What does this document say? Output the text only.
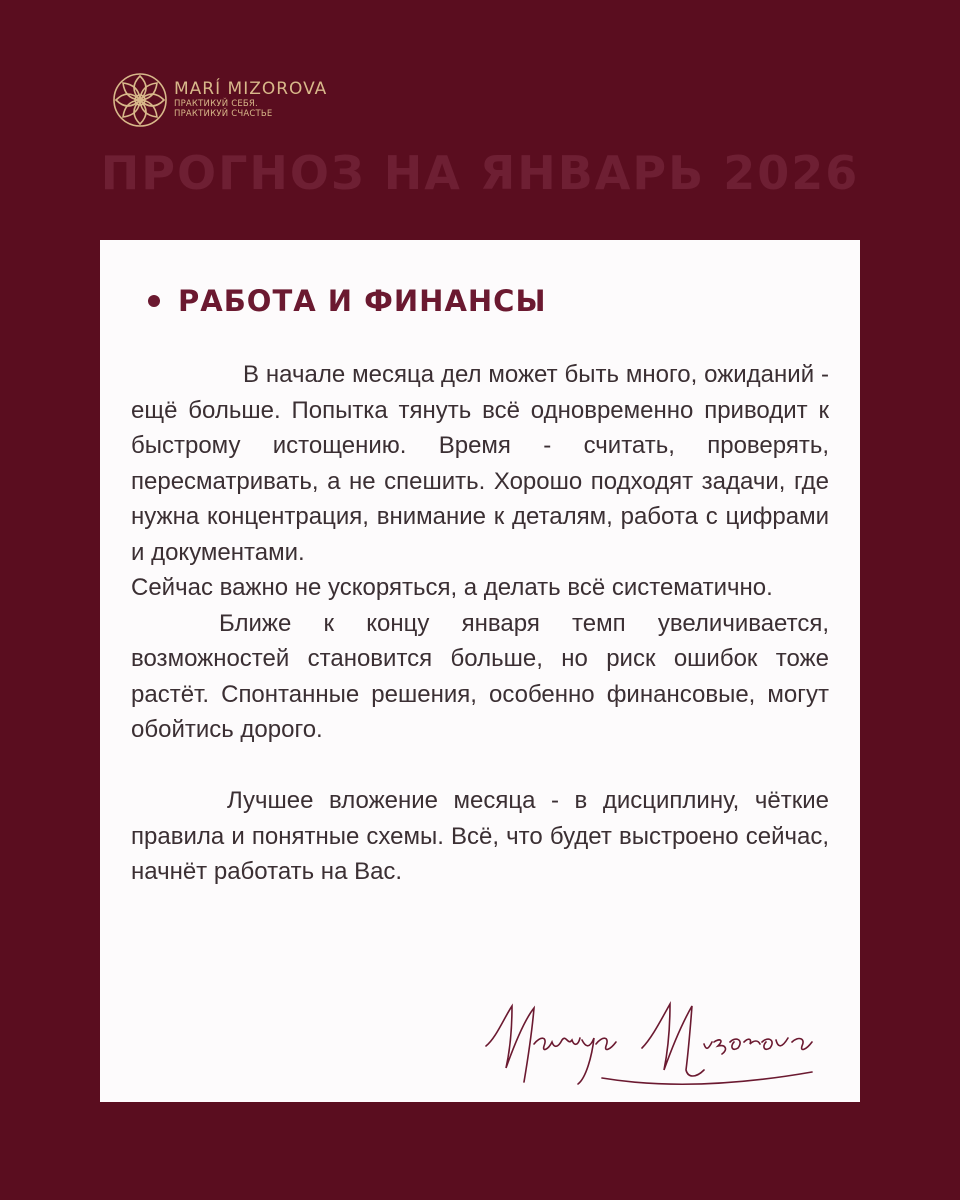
MARÍ MIZOROVA
ПРАКТИКУЙ СЕБЯ.
ПРАКТИКУЙ СЧАСТЬЕ
ПРОГНОЗ НА ЯНВАРЬ 2026
РАБОТА И ФИНАНСЫ

В начале месяца дел может быть много, ожиданий - ещё больше. Попытка тянуть всё одновременно приводит к быстрому истощению. Время - считать, проверять, пересматривать, а не спешить. Хорошо подходят задачи, где нужна концентрация, внимание к деталям, работа с цифрами и документами.

Сейчас важно не ускоряться, а делать всё систематично.

Ближе к концу января темп увеличивается, возможностей становится больше, но риск ошибок тоже растёт. Спонтанные решения, особенно финансовые, могут обойтись дорого.

Лучшее вложение месяца - в дисциплину, чёткие правила и понятные схемы. Всё, что будет выстроено сейчас, начнёт работать на Вас.
